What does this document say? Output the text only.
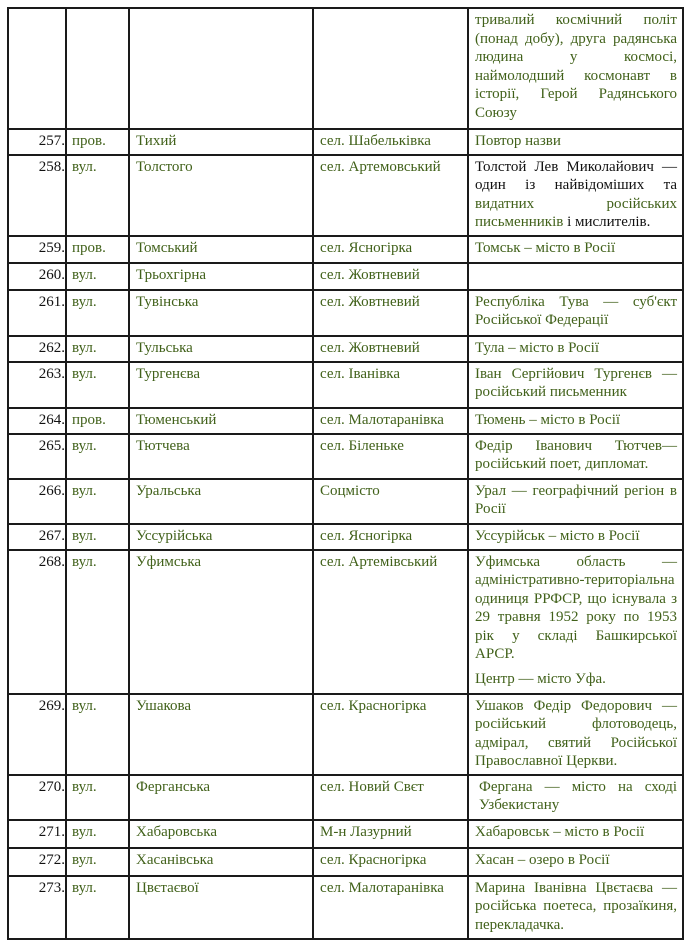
				тривалий космічний політ (понад добу), друга радянська людина у космосі, наймолодший космонавт в історії, Герой Радянського Союзу
257.	пров.	Тихий	сел. Шабельківка	Повтор назви
258.	вул.	Толстого	сел. Артемовський	Толстой Лев Миколайович — один із найвідоміших та видатних російських письменників і мислителів.
259.	пров.	Томський	сел. Ясногірка	Томськ – місто в Росії
260.	вул.	Трьохгірна	сел. Жовтневий	
261.	вул.	Тувінська	сел. Жовтневий	Республіка Тува — суб'єкт Російської Федерації
262.	вул.	Тульська	сел. Жовтневий	Тула – місто в Росії
263.	вул.	Тургенєва	сел. Іванівка	Іван Сергійович Тургенєв — російський письменник
264.	пров.	Тюменський	сел. Малотаранівка	Тюмень – місто в Росії
265.	вул.	Тютчева	сел. Біленьке	Федір Іванович Тютчев— російський поет, дипломат.
266.	вул.	Уральська	Соцмісто	Урал — географічний регіон в Росії
267.	вул.	Уссурійська	сел. Ясногірка	Уссурійськ – місто в Росії
268.	вул.	Уфимська	сел. Артемівський	Уфимська область — адміністративно-територіальна одиниця РРФСР, що існувала з 29 травня 1952 року по 1953 рік у складі Башкирської АРСР.

Центр — місто Уфа.

269.	вул.	Ушакова	сел. Красногірка	Ушаков Федір Федорович — російський флотоводець, адмірал, святий Російської Православної Церкви.
270.	вул.	Ферганська	сел. Новий Свєт	Фергана — місто на сході Узбекистану
271.	вул.	Хабаровська	М-н Лазурний	Хабаровськ – місто в Росії
272.	вул.	Хасанівська	сел. Красногірка	Хасан – озеро в Росії
273.	вул.	Цвєтаєвої	сел. Малотаранівка	Марина Іванівна Цвєтаєва — російська поетеса, прозаїкиня, перекладачка.
